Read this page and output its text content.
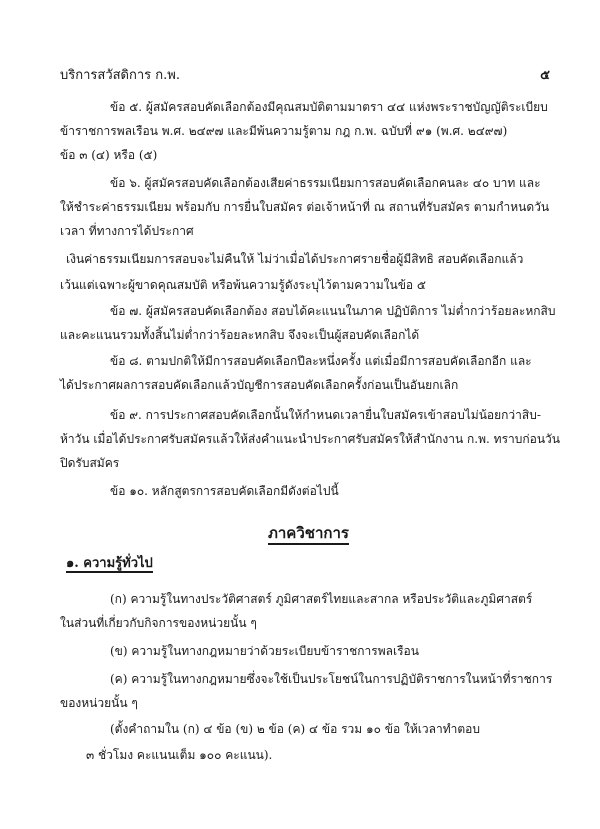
บริการสวัสดิการ ก.พ.	๕
ข้อ ๕. ผู้สมัครสอบคัดเลือกต้องมีคุณสมบัติตามมาตรา ๔๔ แห่งพระราชบัญญัติระเบียบ
ข้าราชการพลเรือน พ.ศ. ๒๔๙๗ และมีพ้นความรู้ตาม กฎ ก.พ. ฉบับที่ ๙๑ (พ.ศ. ๒๔๙๗)
ข้อ ๓ (๔) หรือ (๕)
ข้อ ๖. ผู้สมัครสอบคัดเลือกต้องเสียค่าธรรมเนียมการสอบคัดเลือกคนละ ๔๐ บาท และ
ให้ชำระค่าธรรมเนียม พร้อมกับ การยื่นใบสมัคร ต่อเจ้าหน้าที่ ณ สถานที่รับสมัคร ตามกำหนดวัน
เวลา ที่ทางการได้ประกาศ
เงินค่าธรรมเนียมการสอบจะไม่คืนให้ ไม่ว่าเมื่อได้ประกาศรายชื่อผู้มีสิทธิ สอบคัดเลือกแล้ว
เว้นแต่เฉพาะผู้ขาดคุณสมบัติ หรือพ้นความรู้ดังระบุไว้ตามความในข้อ ๕
ข้อ ๗. ผู้สมัครสอบคัดเลือกต้อง สอบได้คะแนนในภาค ปฏิบัติการ ไม่ต่ำกว่าร้อยละหกสิบ
และคะแนนรวมทั้งสิ้นไม่ต่ำกว่าร้อยละหกสิบ จึงจะเป็นผู้สอบคัดเลือกได้
ข้อ ๘. ตามปกติให้มีการสอบคัดเลือกปีละหนึ่งครั้ง แต่เมื่อมีการสอบคัดเลือกอีก และ
ได้ประกาศผลการสอบคัดเลือกแล้วบัญชีการสอบคัดเลือกครั้งก่อนเป็นอันยกเลิก
ข้อ ๙. การประกาศสอบคัดเลือกนั้นให้กำหนดเวลายื่นใบสมัครเข้าสอบไม่น้อยกว่าสิบ-
ห้าวัน เมื่อได้ประกาศรับสมัครแล้วให้ส่งคำแนะนำประกาศรับสมัครให้สำนักงาน ก.พ. ทราบก่อนวัน
ปิดรับสมัคร
ข้อ ๑๐. หลักสูตรการสอบคัดเลือกมีดังต่อไปนี้
ภาควิชาการ
๑. ความรู้ทั่วไป
(ก) ความรู้ในทางประวัติศาสตร์ ภูมิศาสตร์ไทยและสากล หรือประวัติและภูมิศาสตร์
ในส่วนที่เกี่ยวกับกิจการของหน่วยนั้น ๆ
(ข) ความรู้ในทางกฎหมายว่าด้วยระเบียบข้าราชการพลเรือน
(ค) ความรู้ในทางกฎหมายซึ่งจะใช้เป็นประโยชน์ในการปฏิบัติราชการในหน้าที่ราชการ
ของหน่วยนั้น ๆ
(ตั้งคำถามใน (ก) ๔ ข้อ (ข) ๒ ข้อ (ค) ๔ ข้อ รวม ๑๐ ข้อ ให้เวลาทำตอบ
๓ ชั่วโมง คะแนนเต็ม ๑๐๐ คะแนน).
